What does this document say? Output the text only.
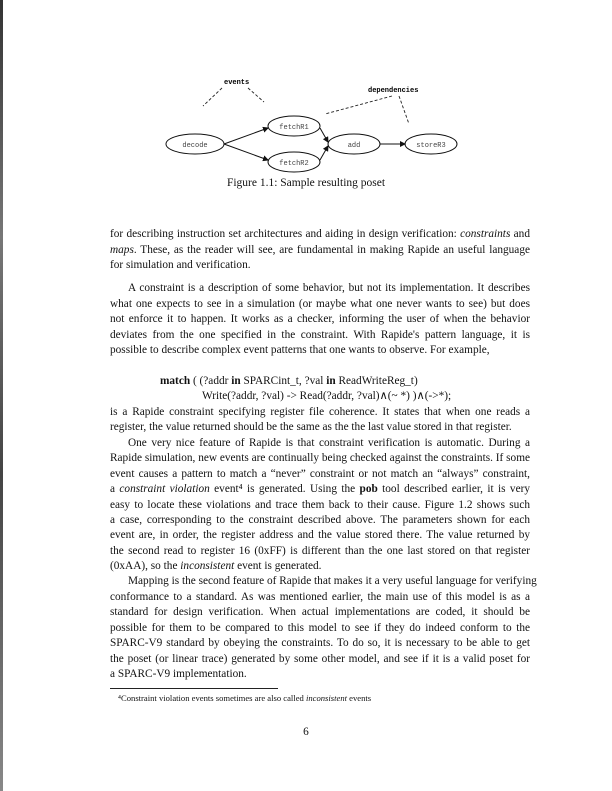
events
dependencies
decode
fetchR1
fetchR2
add	storeR3
Figure 1.1: Sample resulting poset
for describing instruction set architectures and aiding in design verification: constraints and
maps. These, as the reader will see, are fundamental in making Rapide an useful language
for simulation and verification.
A constraint is a description of some behavior, but not its implementation. It describes
what one expects to see in a simulation (or maybe what one never wants to see) but does
not enforce it to happen. It works as a checker, informing the user of when the behavior
deviates from the one specified in the constraint. With Rapide's pattern language, it is
possible to describe complex event patterns that one wants to observe. For example,
is a Rapide constraint specifying register file coherence. It states that when one reads a
register, the value returned should be the same as the the last value stored in that register.
One very nice feature of Rapide is that constraint verification is automatic. During a
Rapide simulation, new events are continually being checked against the constraints. If some
event causes a pattern to match a “never” constraint or not match an “always” constraint,
a constraint violation event⁴ is generated. Using the pob tool described earlier, it is very
easy to locate these violations and trace them back to their cause. Figure 1.2 shows such
a case, corresponding to the constraint described above. The parameters shown for each
event are, in order, the register address and the value stored there. The value returned by
the second read to register 16 (0xFF) is different than the one last stored on that register
(0xAA), so the inconsistent event is generated.
Mapping is the second feature of Rapide that makes it a very useful language for verifying
conformance to a standard. As was mentioned earlier, the main use of this model is as a
standard for design verification. When actual implementations are coded, it should be
possible for them to be compared to this model to see if they do indeed conform to the
SPARC-V9 standard by obeying the constraints. To do so, it is necessary to be able to get
the poset (or linear trace) generated by some other model, and see if it is a valid poset for
a SPARC-V9 implementation.
match ( (?addr in SPARCint_t, ?val in ReadWriteReg_t)
Write(?addr, ?val) -> Read(?addr, ?val)∧(~ *) )∧(->*);
⁴Constraint violation events sometimes are also called inconsistent events
6
